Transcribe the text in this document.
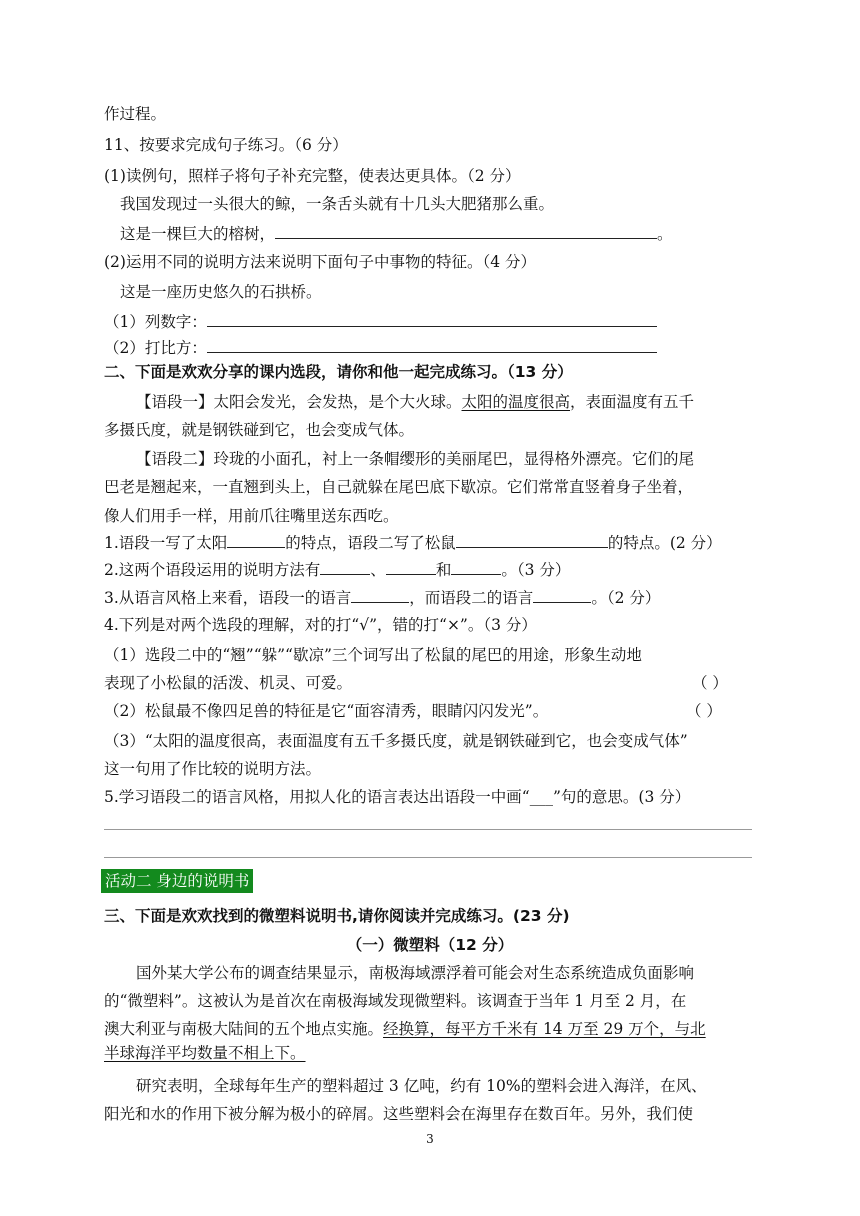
作过程。
11、按要求完成句子练习。（6 分）
(1)读例句，照样子将句子补充完整，使表达更具体。（2 分）
我国发现过一头很大的鲸，一条舌头就有十几头大肥猪那么重。
这是一棵巨大的榕树，	。
(2)运用不同的说明方法来说明下面句子中事物的特征。（4 分）
这是一座历史悠久的石拱桥。
（1）列数字：
（2）打比方：
二、下面是欢欢分享的课内选段，请你和他一起完成练习。（13 分）
【语段一】太阳会发光，会发热，是个大火球。太阳的温度很高，表面温度有五千
多摄氏度，就是钢铁碰到它，也会变成气体。
【语段二】玲珑的小面孔，衬上一条帽缨形的美丽尾巴，显得格外漂亮。它们的尾
巴老是翘起来，一直翘到头上，自己就躲在尾巴底下歇凉。它们常常直竖着身子坐着，
像人们用手一样，用前爪往嘴里送东西吃。
1.语段一写了太阳	的特点，语段二写了松鼠	的特点。(2 分）
2.这两个语段运用的说明方法有	、	和	。（3 分）
3.从语言风格上来看，语段一的语言	，而语段二的语言	。（2 分）
4.下列是对两个选段的理解，对的打“√”，错的打“×”。（3 分）
（1）选段二中的“翘”“躲”“歇凉”三个词写出了松鼠的尾巴的用途，形象生动地
表现了小松鼠的活泼、机灵、可爱。	（ ）
（2）松鼠最不像四足兽的特征是它“面容清秀，眼睛闪闪发光”。	（ ）
（3）“太阳的温度很高，表面温度有五千多摄氏度，就是钢铁碰到它，也会变成气体”
这一句用了作比较的说明方法。
5.学习语段二的语言风格，用拟人化的语言表达出语段一中画“___”句的意思。(3 分）
活动二 身边的说明书
三、下面是欢欢找到的微塑料说明书,请你阅读并完成练习。(23 分)
（一）微塑料（12 分）
国外某大学公布的调查结果显示，南极海域漂浮着可能会对生态系统造成负面影响
的“微塑料”。这被认为是首次在南极海域发现微塑料。该调查于当年 1 月至 2 月，在
澳大利亚与南极大陆间的五个地点实施。经换算，每平方千米有 14 万至 29 万个，与北
半球海洋平均数量不相上下。
研究表明，全球每年生产的塑料超过 3 亿吨，约有 10%的塑料会进入海洋，在风、
阳光和水的作用下被分解为极小的碎屑。这些塑料会在海里存在数百年。另外，我们使
3
